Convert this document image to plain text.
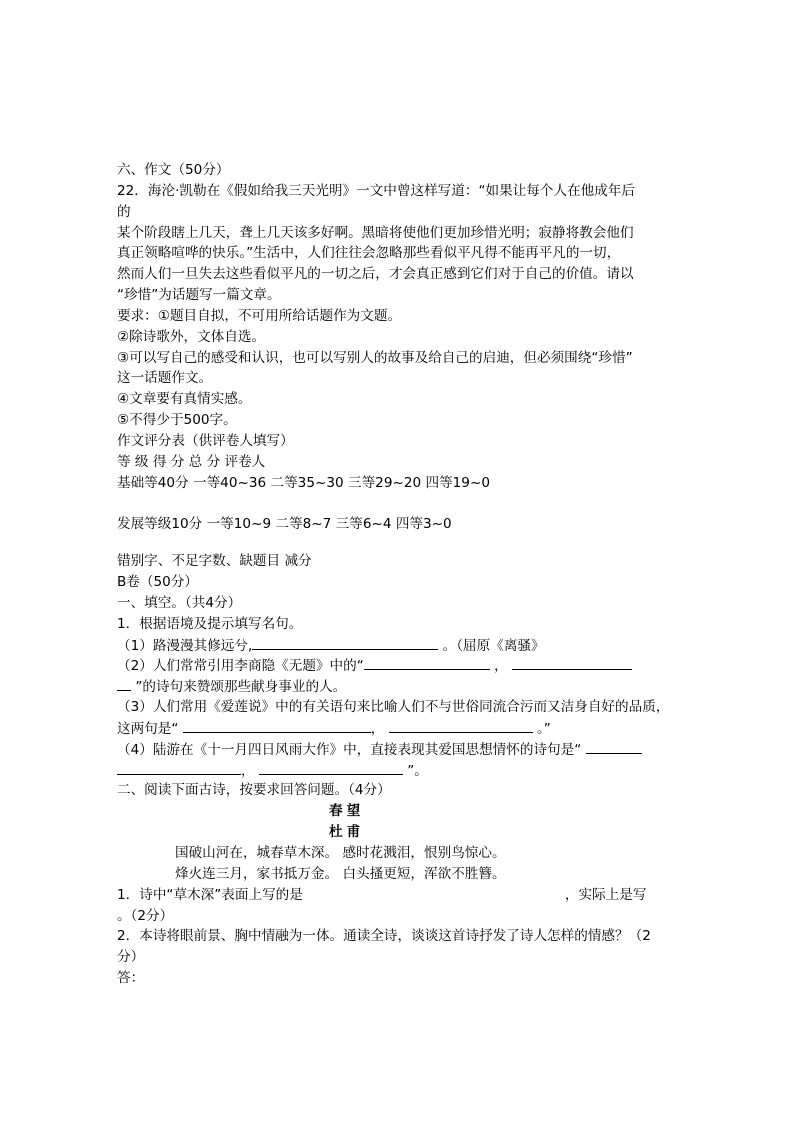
六、作文（50分）
22．海沦·凯勒在《假如给我三天光明》一文中曾这样写道：“如果让每个人在他成年后
的
某个阶段瞎上几天，聋上几天该多好啊。黑暗将使他们更加珍惜光明；寂静将教会他们
真正领略喧哗的快乐。”生活中，人们往往会忽略那些看似平凡得不能再平凡的一切，
然而人们一旦失去这些看似平凡的一切之后，才会真正感到它们对于自己的价值。请以
“珍惜”为话题写一篇文章。
要求：①题目自拟，不可用所给话题作为文题。
②除诗歌外，文体自选。
③可以写自己的感受和认识，也可以写别人的故事及给自己的启迪，但必须围绕“珍惜”
这一话题作文。
④文章要有真情实感。
⑤不得少于500字。
作文评分表（供评卷人填写）
等 级 得 分 总 分 评卷人
基础等40分 一等40~36 二等35~30 三等29~20 四等19~0
发展等级10分 一等10~9 二等8~7 三等6~4 四等3~0
错别字、不足字数、缺题目 减分
B卷（50分）
一、填空。（共4分）
1．根据语境及提示填写名句。
（1）路漫漫其修远兮,	。（屈原《离骚》
（2）人们常常引用李商隐《无题》中的“	，
”的诗句来赞颂那些献身事业的人。
（3）人们常用《爱莲说》中的有关语句来比喻人们不与世俗同流合污而又洁身自好的品质，
这两句是“	，	。”
（4）陆游在《十一月四日风雨大作》中，直接表现其爱国思想情怀的诗句是“
，	”。
二、阅读下面古诗，按要求回答问题。（4分）
春望
杜甫
国破山河在，城春草木深。 感时花溅泪，恨别鸟惊心。
烽火连三月，家书抵万金。 白头搔更短，浑欲不胜簪。
1．诗中“草木深”表面上写的是	，实际上是写
。（2分）
2．本诗将眼前景、胸中情融为一体。通读全诗，谈谈这首诗抒发了诗人怎样的情感？（2
分）
答：
